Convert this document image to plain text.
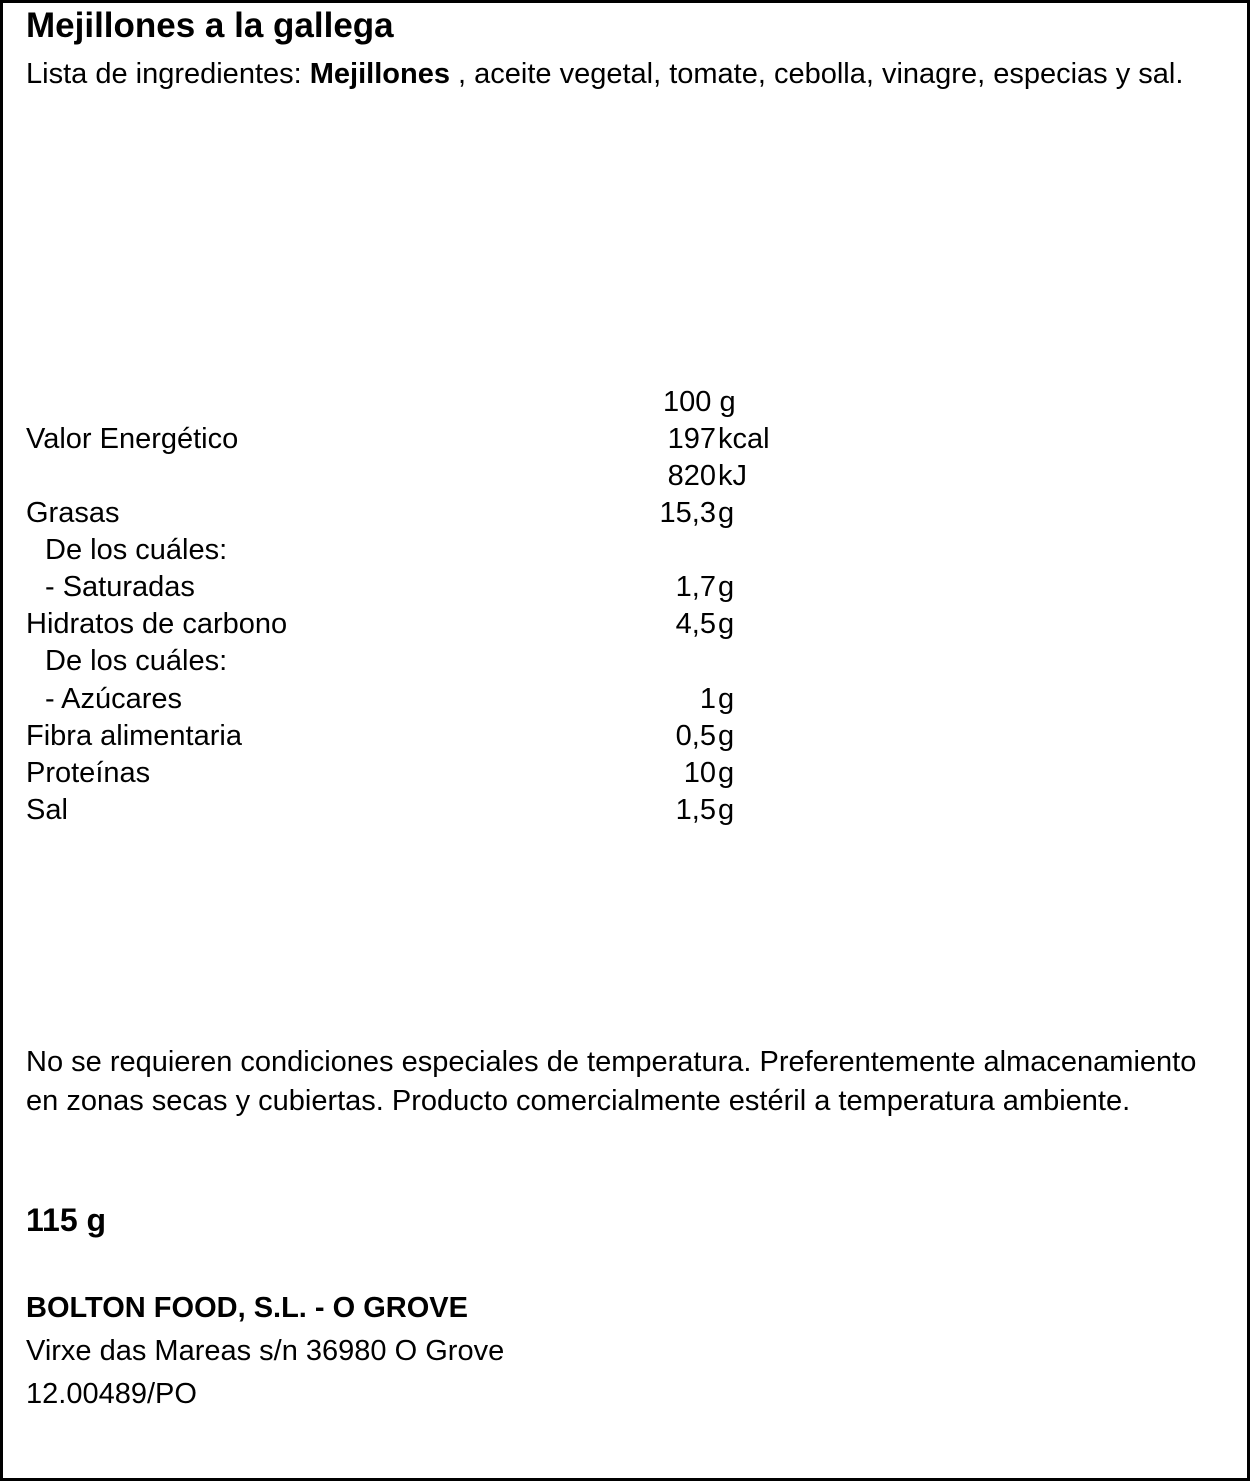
Mejillones a la gallega
Lista de ingredientes: Mejillones , aceite vegetal, tomate, cebolla, vinagre, especias y sal.
100 g
Valor Energético	197 kcal
820 kJ
Grasas	15,3 g
De los cuáles:
- Saturadas	1,7 g
Hidratos de carbono	4,5 g
De los cuáles:
- Azúcares	1 g
Fibra alimentaria	0,5 g
Proteínas	10 g
Sal	1,5 g
No se requieren condiciones especiales de temperatura. Preferentemente almacenamiento en zonas secas y cubiertas. Producto comercialmente estéril a temperatura ambiente.
115 g
BOLTON FOOD, S.L. - O GROVE
Virxe das Mareas s/n 36980 O Grove
12.00489/PO
